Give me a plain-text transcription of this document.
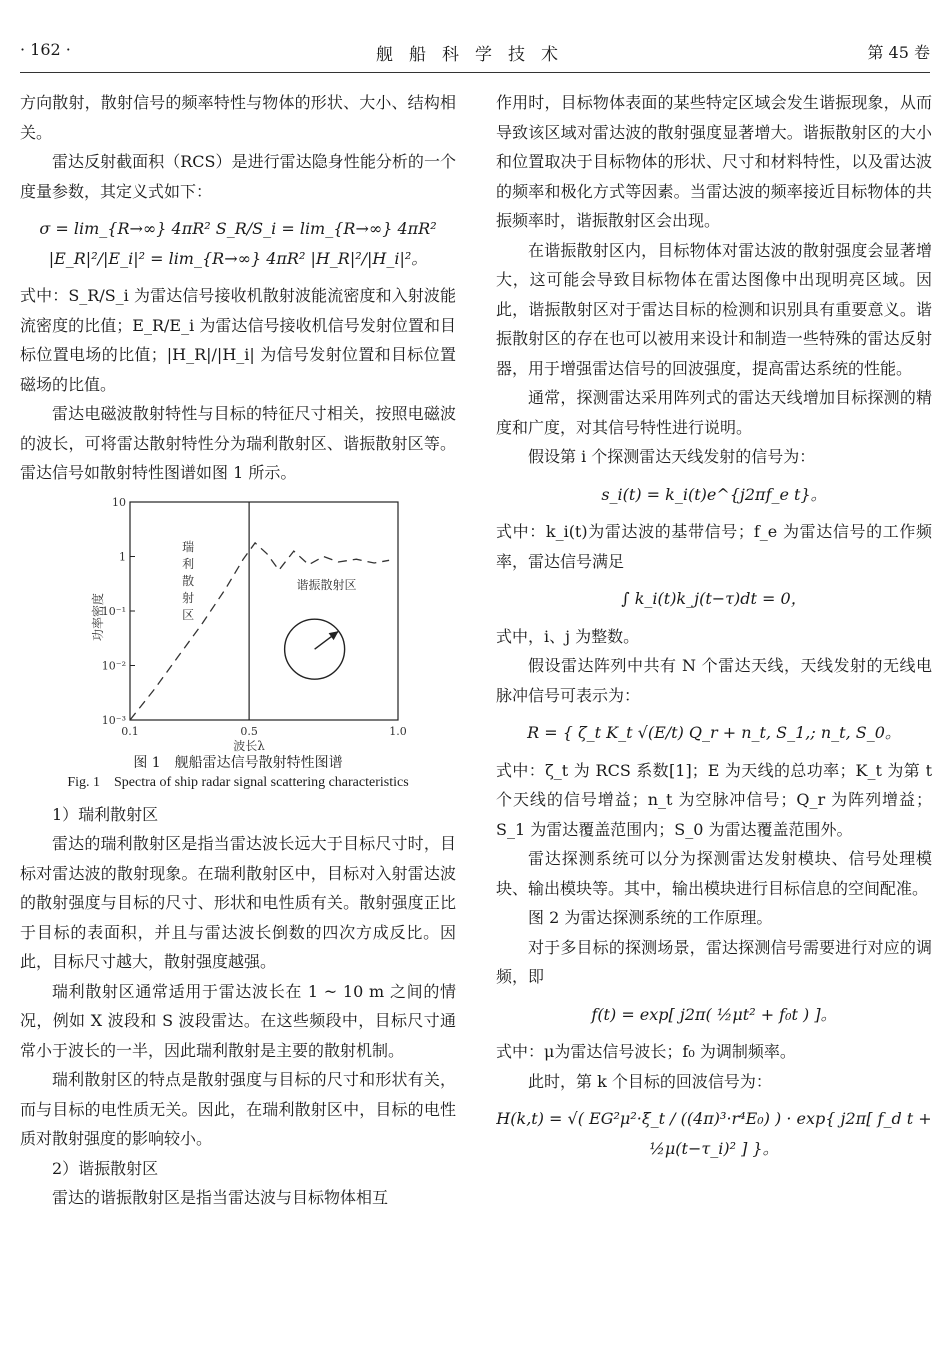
· 162 ·	舰船科学技术	第 45 卷

方向散射，散射信号的频率特性与物体的形状、大小、结构相关。

雷达反射截面积（RCS）是进行雷达隐身性能分析的一个度量参数，其定义式如下：

σ = lim_{R→∞} 4πR² S_R/S_i = lim_{R→∞} 4πR² |E_R|²/|E_i|² = lim_{R→∞} 4πR² |H_R|²/|H_i|²。

式中：S_R/S_i 为雷达信号接收机散射波能流密度和入射波能流密度的比值；E_R/E_i 为雷达信号接收机信号发射位置和目标位置电场的比值；|H_R|/|H_i| 为信号发射位置和目标位置磁场的比值。

雷达电磁波散射特性与目标的特征尺寸相关，按照电磁波的波长，可将雷达散射特性分为瑞利散射区、谐振散射区等。雷达信号如散射特性图谱如图 1 所示。

功率密度
波长λ
瑞利散射区
谐振散射区
10
1
10⁻¹
10⁻²
10⁻³
0.1	0.5	1.0
图 1　舰船雷达信号散射特性图谱
Fig. 1　Spectra of ship radar signal scattering characteristics

1）瑞利散射区

雷达的瑞利散射区是指当雷达波长远大于目标尺寸时，目标对雷达波的散射现象。在瑞利散射区中，目标对入射雷达波的散射强度与目标的尺寸、形状和电性质有关。散射强度正比于目标的表面积，并且与雷达波长倒数的四次方成反比。因此，目标尺寸越大，散射强度越强。

瑞利散射区通常适用于雷达波长在 1 ~ 10 m 之间的情况，例如 X 波段和 S 波段雷达。在这些频段中，目标尺寸通常小于波长的一半，因此瑞利散射是主要的散射机制。

瑞利散射区的特点是散射强度与目标的尺寸和形状有关，而与目标的电性质无关。因此，在瑞利散射区中，目标的电性质对散射强度的影响较小。

2）谐振散射区

雷达的谐振散射区是指当雷达波与目标物体相互

作用时，目标物体表面的某些特定区域会发生谐振现象，从而导致该区域对雷达波的散射强度显著增大。谐振散射区的大小和位置取决于目标物体的形状、尺寸和材料特性，以及雷达波的频率和极化方式等因素。当雷达波的频率接近目标物体的共振频率时，谐振散射区会出现。

在谐振散射区内，目标物体对雷达波的散射强度会显著增大，这可能会导致目标物体在雷达图像中出现明亮区域。因此，谐振散射区对于雷达目标的检测和识别具有重要意义。谐振散射区的存在也可以被用来设计和制造一些特殊的雷达反射器，用于增强雷达信号的回波强度，提高雷达系统的性能。

通常，探测雷达采用阵列式的雷达天线增加目标探测的精度和广度，对其信号特性进行说明。

假设第 i 个探测雷达天线发射的信号为：

s_i(t) = k_i(t)e^{j2πf_e t}。

式中：k_i(t)为雷达波的基带信号；f_e 为雷达信号的工作频率，雷达信号满足

∫ k_i(t)k_j(t−τ)dt = 0，

式中，i、j 为整数。

假设雷达阵列中共有 N 个雷达天线，天线发射的无线电脉冲信号可表示为：

R = { ζ_t K_t √(E/t) Q_r + n_t, S_1,; n_t, S_0。

式中：ζ_t 为 RCS 系数[1]；E 为天线的总功率；K_t 为第 t 个天线的信号增益；n_t 为空脉冲信号；Q_r 为阵列增益；S_1 为雷达覆盖范围内；S_0 为雷达覆盖范围外。

雷达探测系统可以分为探测雷达发射模块、信号处理模块、输出模块等。其中，输出模块进行目标信息的空间配准。

图 2 为雷达探测系统的工作原理。

对于多目标的探测场景，雷达探测信号需要进行对应的调频，即

f(t) = exp[ j2π( ½μt² + f₀t ) ]。

式中：μ为雷达信号波长；f₀ 为调制频率。

此时，第 k 个目标的回波信号为：

H(k,t) = √( EG²μ²·ξ_t / ((4π)³·r⁴E₀) ) · exp{ j2π[ f_d t + ½μ(t−τ_i)² ] }。
